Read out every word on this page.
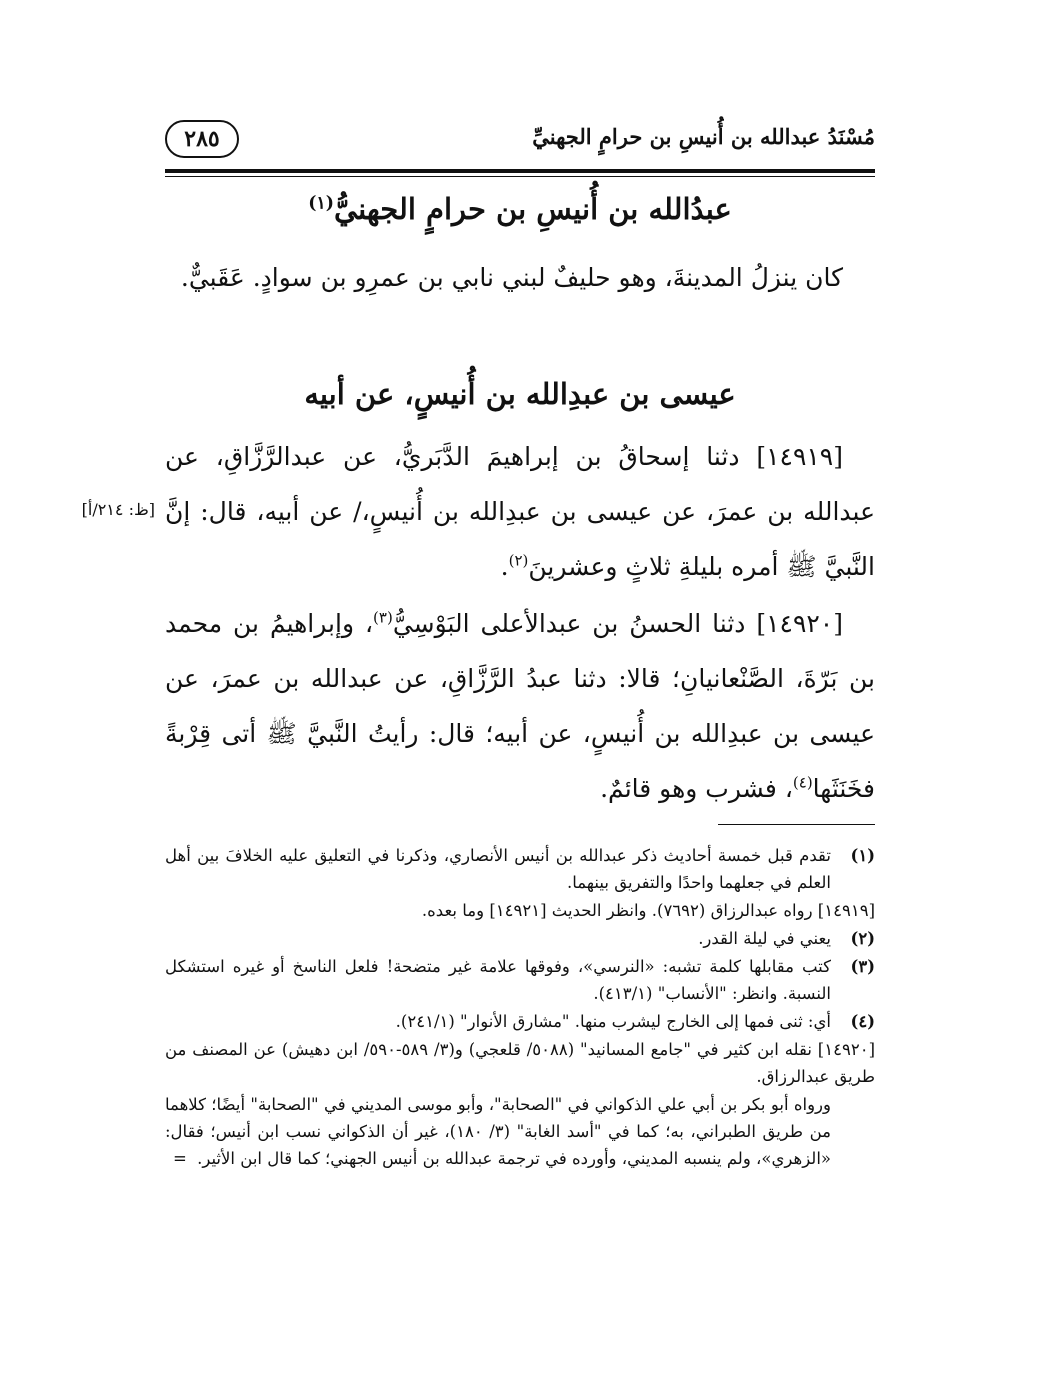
مُسْنَدُ عبدالله بن أُنيسِ بن حرامٍ الجهنيِّ
٢٨٥
عبدُالله بن أُنيسِ بن حرامٍ الجهنيُّ$^{(١)}$
كان ينزلُ المدينةَ، وهو حليفٌ لبني نابي بن عمرِو بن سوادٍ. عَقَبيٌّ.
عيسى بن عبدِالله بن أُنيسٍ، عن أبيه
[١٤٩١٩] دثنا إسحاقُ بن إبراهيمَ الدَّبَريُّ، عن عبدالرَّزَّاقِ، عن عبدالله بن عمرَ، عن عيسى بن عبدِالله بن أُنيسٍ،/ عن أبيه، قال: إنَّ النَّبيَّ ﷺ أمره بليلةِ ثلاثٍ وعشرينَ$^{(٢)}$.
[ظ: ٢١٤/أ]
[١٤٩٢٠] دثنا الحسنُ بن عبدالأعلى البَوْسِيُّ$^{(٣)}$، وإبراهيمُ بن محمد بن بَرّةَ، الصَّنْعانيانِ؛ قالا: دثنا عبدُ الرَّزَّاقِ، عن عبدالله بن عمرَ، عن عيسى بن عبدِالله بن أُنيسٍ، عن أبيه؛ قال: رأيتُ النَّبيَّ ﷺ أتى قِرْبةً فخَنَثَها$^{(٤)}$، فشرب وهو قائمٌ.
(١)
تقدم قبل خمسة أحاديث ذكر عبدالله بن أنيس الأنصاري، وذكرنا في التعليق عليه الخلافَ بين أهل العلم في جعلهما واحدًا والتفريق بينهما.
[١٤٩١٩] رواه عبدالرزاق (٧٦٩٢). وانظر الحديث [١٤٩٢١] وما بعده.
(٢)
يعني في ليلة القدر.
(٣)
كتب مقابلها كلمة تشبه: «النرسي»، وفوقها علامة غير متضحة! فلعل الناسخ أو غيره استشكل النسبة. وانظر: "الأنساب" (٤١٣/١).
(٤)
أي: ثنى فمها إلى الخارج ليشرب منها. "مشارق الأنوار" (٢٤١/١).
[١٤٩٢٠] نقله ابن كثير في "جامع المسانيد" (٥٠٨٨/ قلعجي) و(٣/ ٥٨٩-٥٩٠/ ابن دهيش) عن المصنف من طريق عبدالرزاق.
ورواه أبو بكر بن أبي علي الذكواني في "الصحابة"، وأبو موسى المديني في "الصحابة" أيضًا؛ كلاهما من طريق الطبراني، به؛ كما في "أسد الغابة" (٣/ ١٨٠)، غير أن الذكواني نسب ابن أنيس؛ فقال: «الزهري»، ولم ينسبه المديني، وأورده في ترجمة عبدالله بن أنيس الجهني؛ كما قال ابن الأثير.
=
